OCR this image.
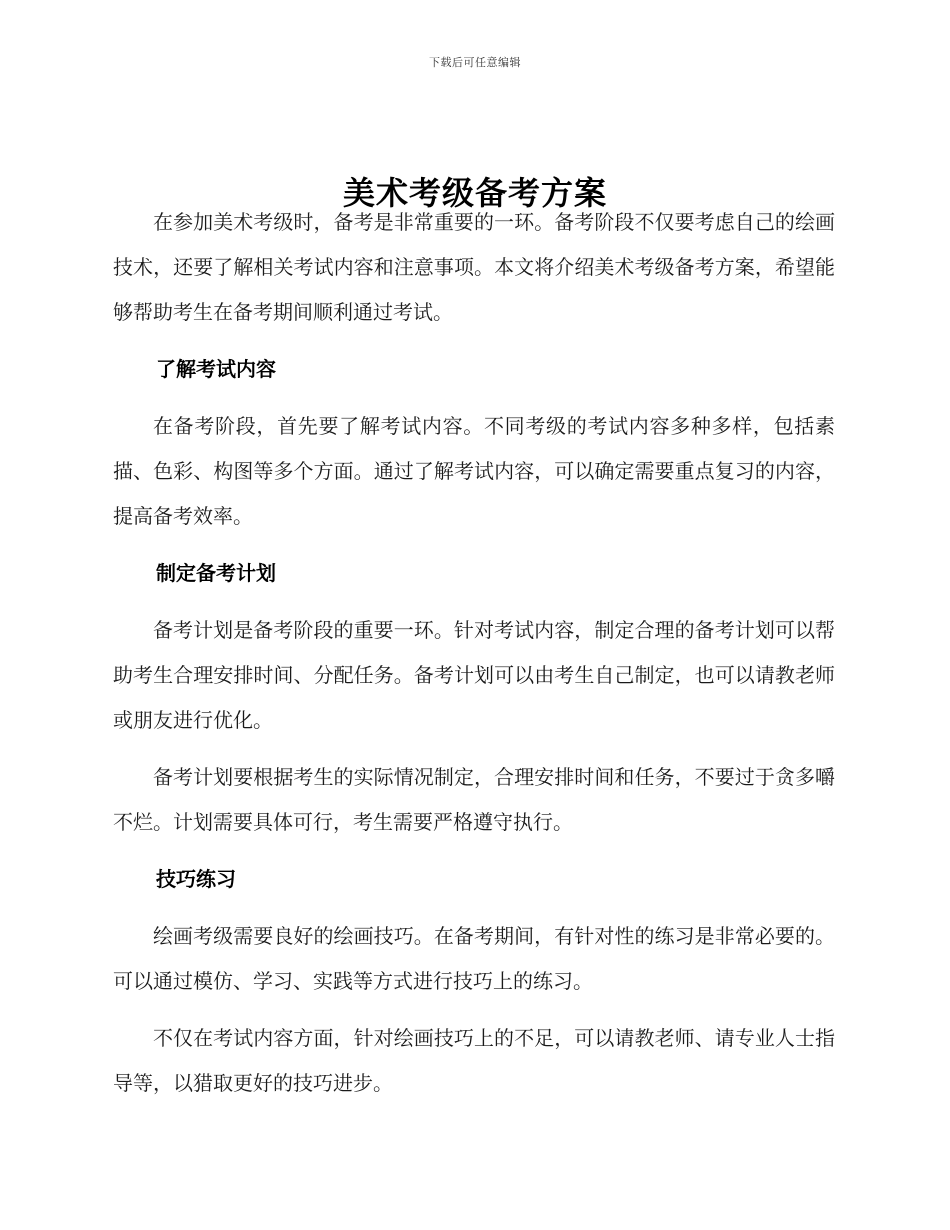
下载后可任意编辑
美术考级备考方案

在参加美术考级时，备考是非常重要的一环。备考阶段不仅要考虑自己的绘画技术，还要了解相关考试内容和注意事项。本文将介绍美术考级备考方案，希望能够帮助考生在备考期间顺利通过考试。

了解考试内容

在备考阶段，首先要了解考试内容。不同考级的考试内容多种多样，包括素描、色彩、构图等多个方面。通过了解考试内容，可以确定需要重点复习的内容，提高备考效率。

制定备考计划

备考计划是备考阶段的重要一环。针对考试内容，制定合理的备考计划可以帮助考生合理安排时间、分配任务。备考计划可以由考生自己制定，也可以请教老师或朋友进行优化。

备考计划要根据考生的实际情况制定，合理安排时间和任务，不要过于贪多嚼不烂。计划需要具体可行，考生需要严格遵守执行。

技巧练习

绘画考级需要良好的绘画技巧。在备考期间，有针对性的练习是非常必要的。可以通过模仿、学习、实践等方式进行技巧上的练习。

不仅在考试内容方面，针对绘画技巧上的不足，可以请教老师、请专业人士指导等，以猎取更好的技巧进步。
